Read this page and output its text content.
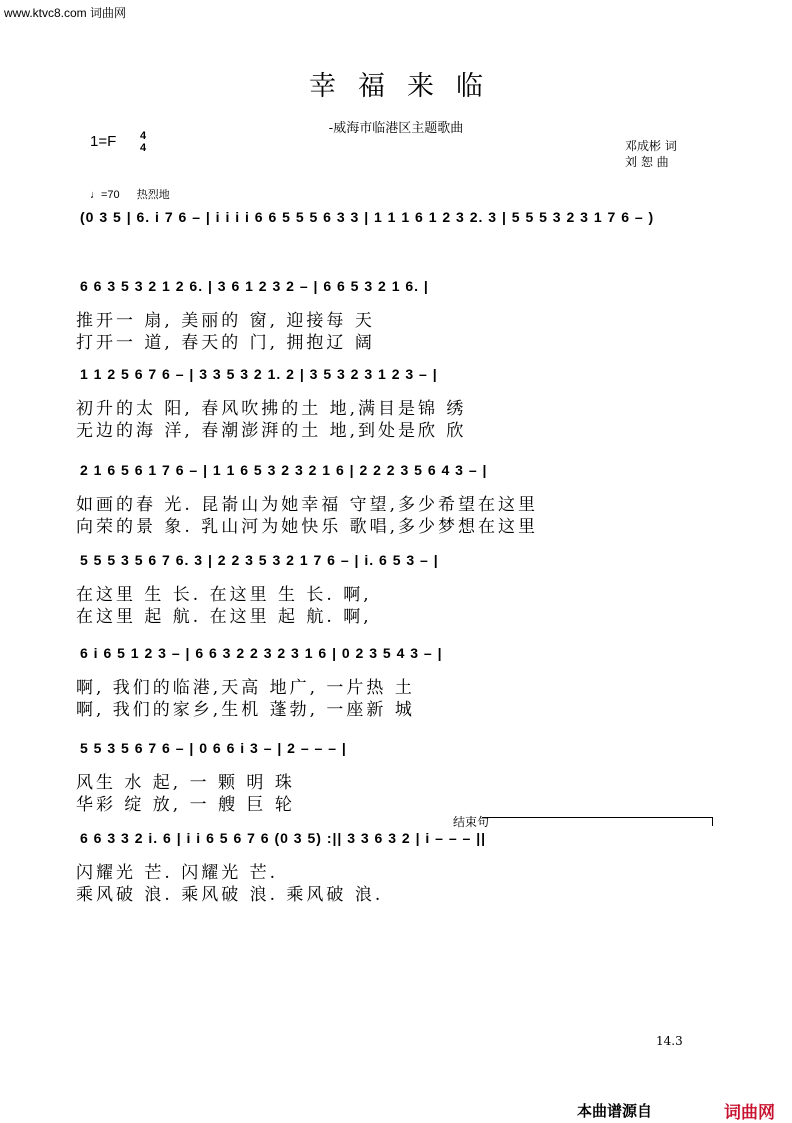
www.ktvc8.com 词曲网
幸福来临
-威海市临港区主题歌曲
1=F 4
4	邓成彬 词
刘 恕 曲
♩=70 热烈地
(0 3 5 | 6. i 7 6 – | i i i i 6 6 5 5 5 6 3 3 | 1 1 1 6 1 2 3 2. 3 | 5 5 5 3 2 3 1 7 6 – )
6 6 3 5 3 2 1 2 6. | 3 6 1 2 3 2 – | 6 6 5 3 2 1 6. |
推开一 扇, 美丽的 窗, 迎接每 天
打开一 道, 春天的 门, 拥抱辽 阔
1 1 2 5 6 7 6 – | 3 3 5 3 2 1. 2 | 3 5 3 2 3 1 2 3 – |
初升的太 阳, 春风吹拂的土 地,满目是锦 绣
无边的海 洋, 春潮澎湃的土 地,到处是欣 欣
2 1 6 5 6 1 7 6 – | 1 1 6 5 3 2 3 2 1 6 | 2 2 2 3 5 6 4 3 – |
如画的春 光. 昆嵛山为她幸福 守望,多少希望在这里
向荣的景 象. 乳山河为她快乐 歌唱,多少梦想在这里
5 5 5 3 5 6 7 6. 3 | 2 2 3 5 3 2 1 7 6 – | i. 6 5 3 – |
在这里 生 长. 在这里 生 长. 啊,
在这里 起 航. 在这里 起 航. 啊,
6 i 6 5 1 2 3 – | 6 6 3 2 2 3 2 3 1 6 | 0 2 3 5 4 3 – |
啊, 我们的临港,天高 地广, 一片热 土
啊, 我们的家乡,生机 蓬勃, 一座新 城
5 5 3 5 6 7 6 – | 0 6 6 i 3 – | 2 – – – |
风生 水 起, 一 颗 明 珠
华彩 绽 放, 一 艘 巨 轮
6 6 3 3 2 i. 6 | i i 6 5 6 7 6 (0 3 5) :|| 3 3 6 3 2 | i – – – ||
闪耀光 芒. 闪耀光 芒.
乘风破 浪. 乘风破 浪. 乘风破 浪.
结束句
14.3
本曲谱源自	词曲网
